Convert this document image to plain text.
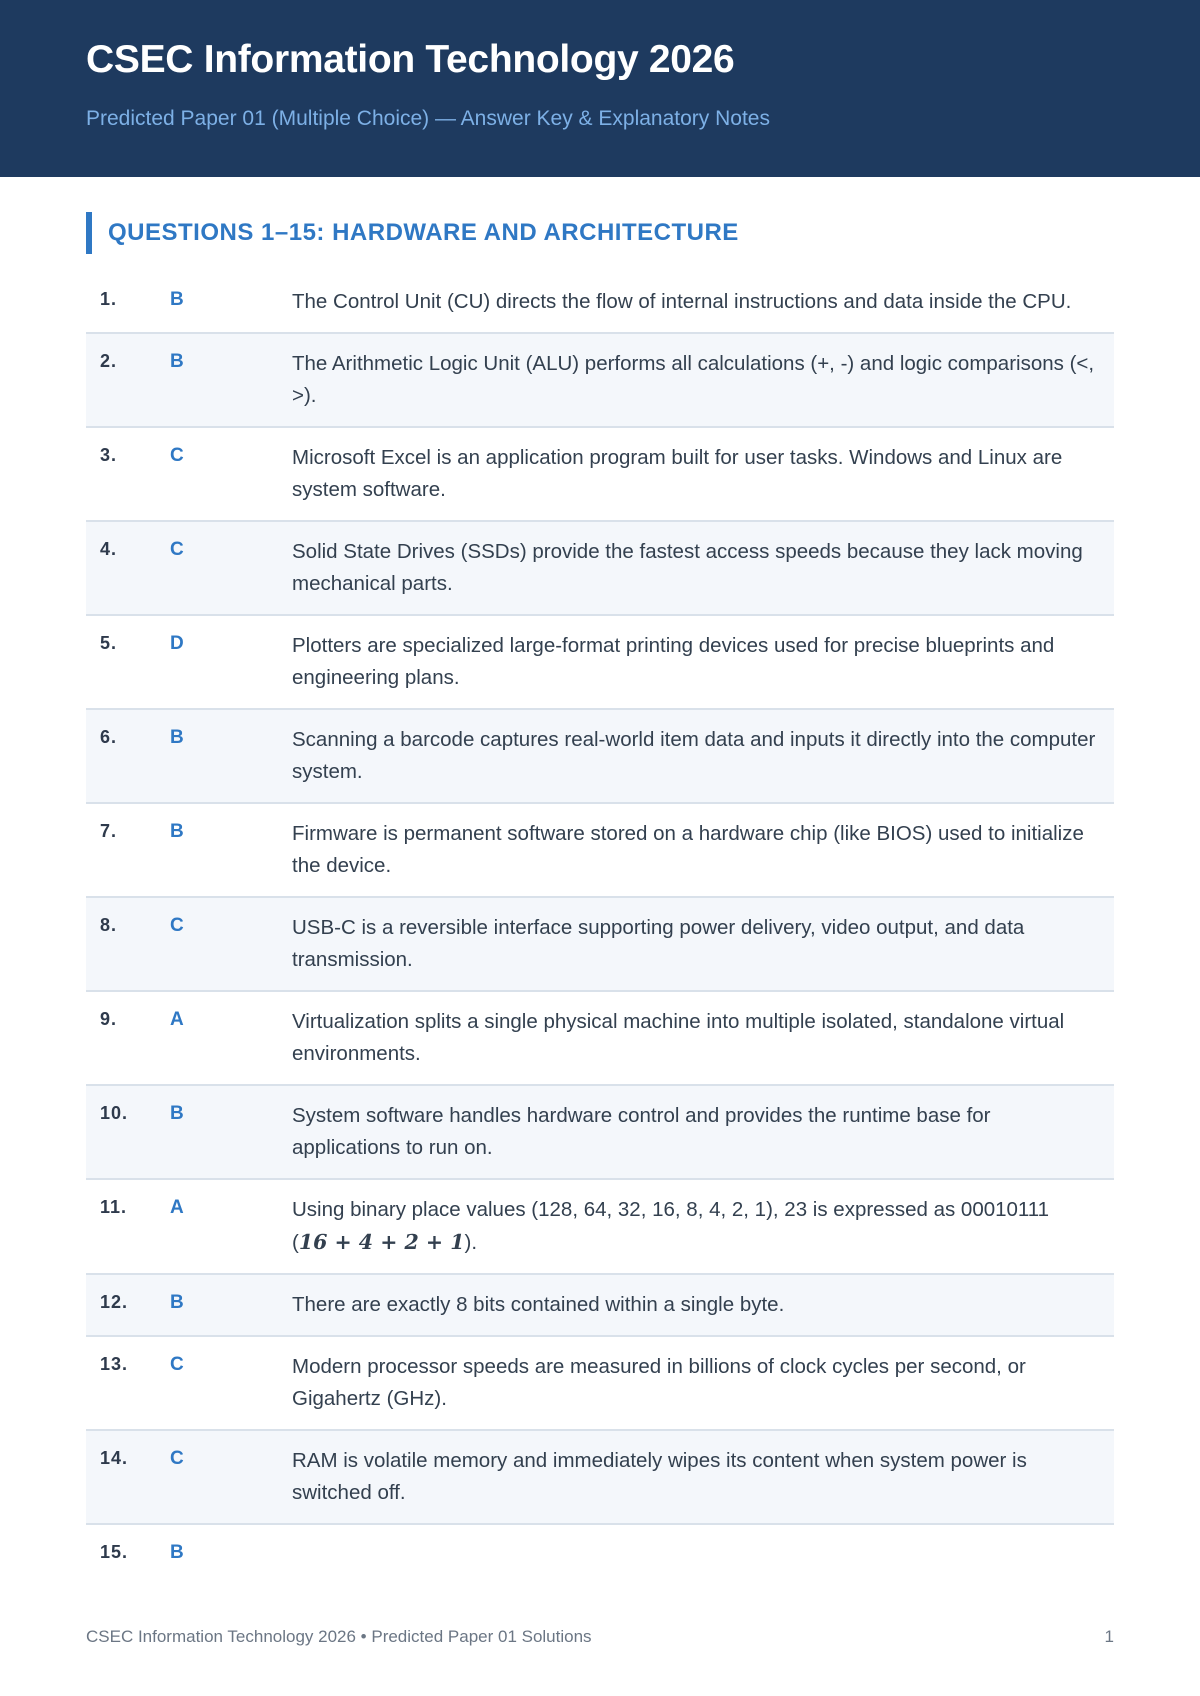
CSEC Information Technology 2026
Predicted Paper 01 (Multiple Choice) — Answer Key & Explanatory Notes
QUESTIONS 1–15: HARDWARE AND ARCHITECTURE
1.	B	The Control Unit (CU) directs the flow of internal instructions and data inside the CPU.
2.	B	The Arithmetic Logic Unit (ALU) performs all calculations (+, -) and logic comparisons (<, >).
3.	C	Microsoft Excel is an application program built for user tasks. Windows and Linux are system software.
4.	C	Solid State Drives (SSDs) provide the fastest access speeds because they lack moving mechanical parts.
5.	D	Plotters are specialized large-format printing devices used for precise blueprints and engineering plans.
6.	B	Scanning a barcode captures real-world item data and inputs it directly into the computer system.
7.	B	Firmware is permanent software stored on a hardware chip (like BIOS) used to initialize the device.
8.	C	USB-C is a reversible interface supporting power delivery, video output, and data transmission.
9.	A	Virtualization splits a single physical machine into multiple isolated, standalone virtual environments.
10.	B	System software handles hardware control and provides the runtime base for applications to run on.
11.	A	Using binary place values (128, 64, 32, 16, 8, 4, 2, 1), 23 is expressed as 00010111
(16 + 4 + 2 + 1).
12.	B	There are exactly 8 bits contained within a single byte.
13.	C	Modern processor speeds are measured in billions of clock cycles per second, or Gigahertz (GHz).
14.	C	RAM is volatile memory and immediately wipes its content when system power is switched off.
15.	B
CSEC Information Technology 2026 • Predicted Paper 01 Solutions	1
